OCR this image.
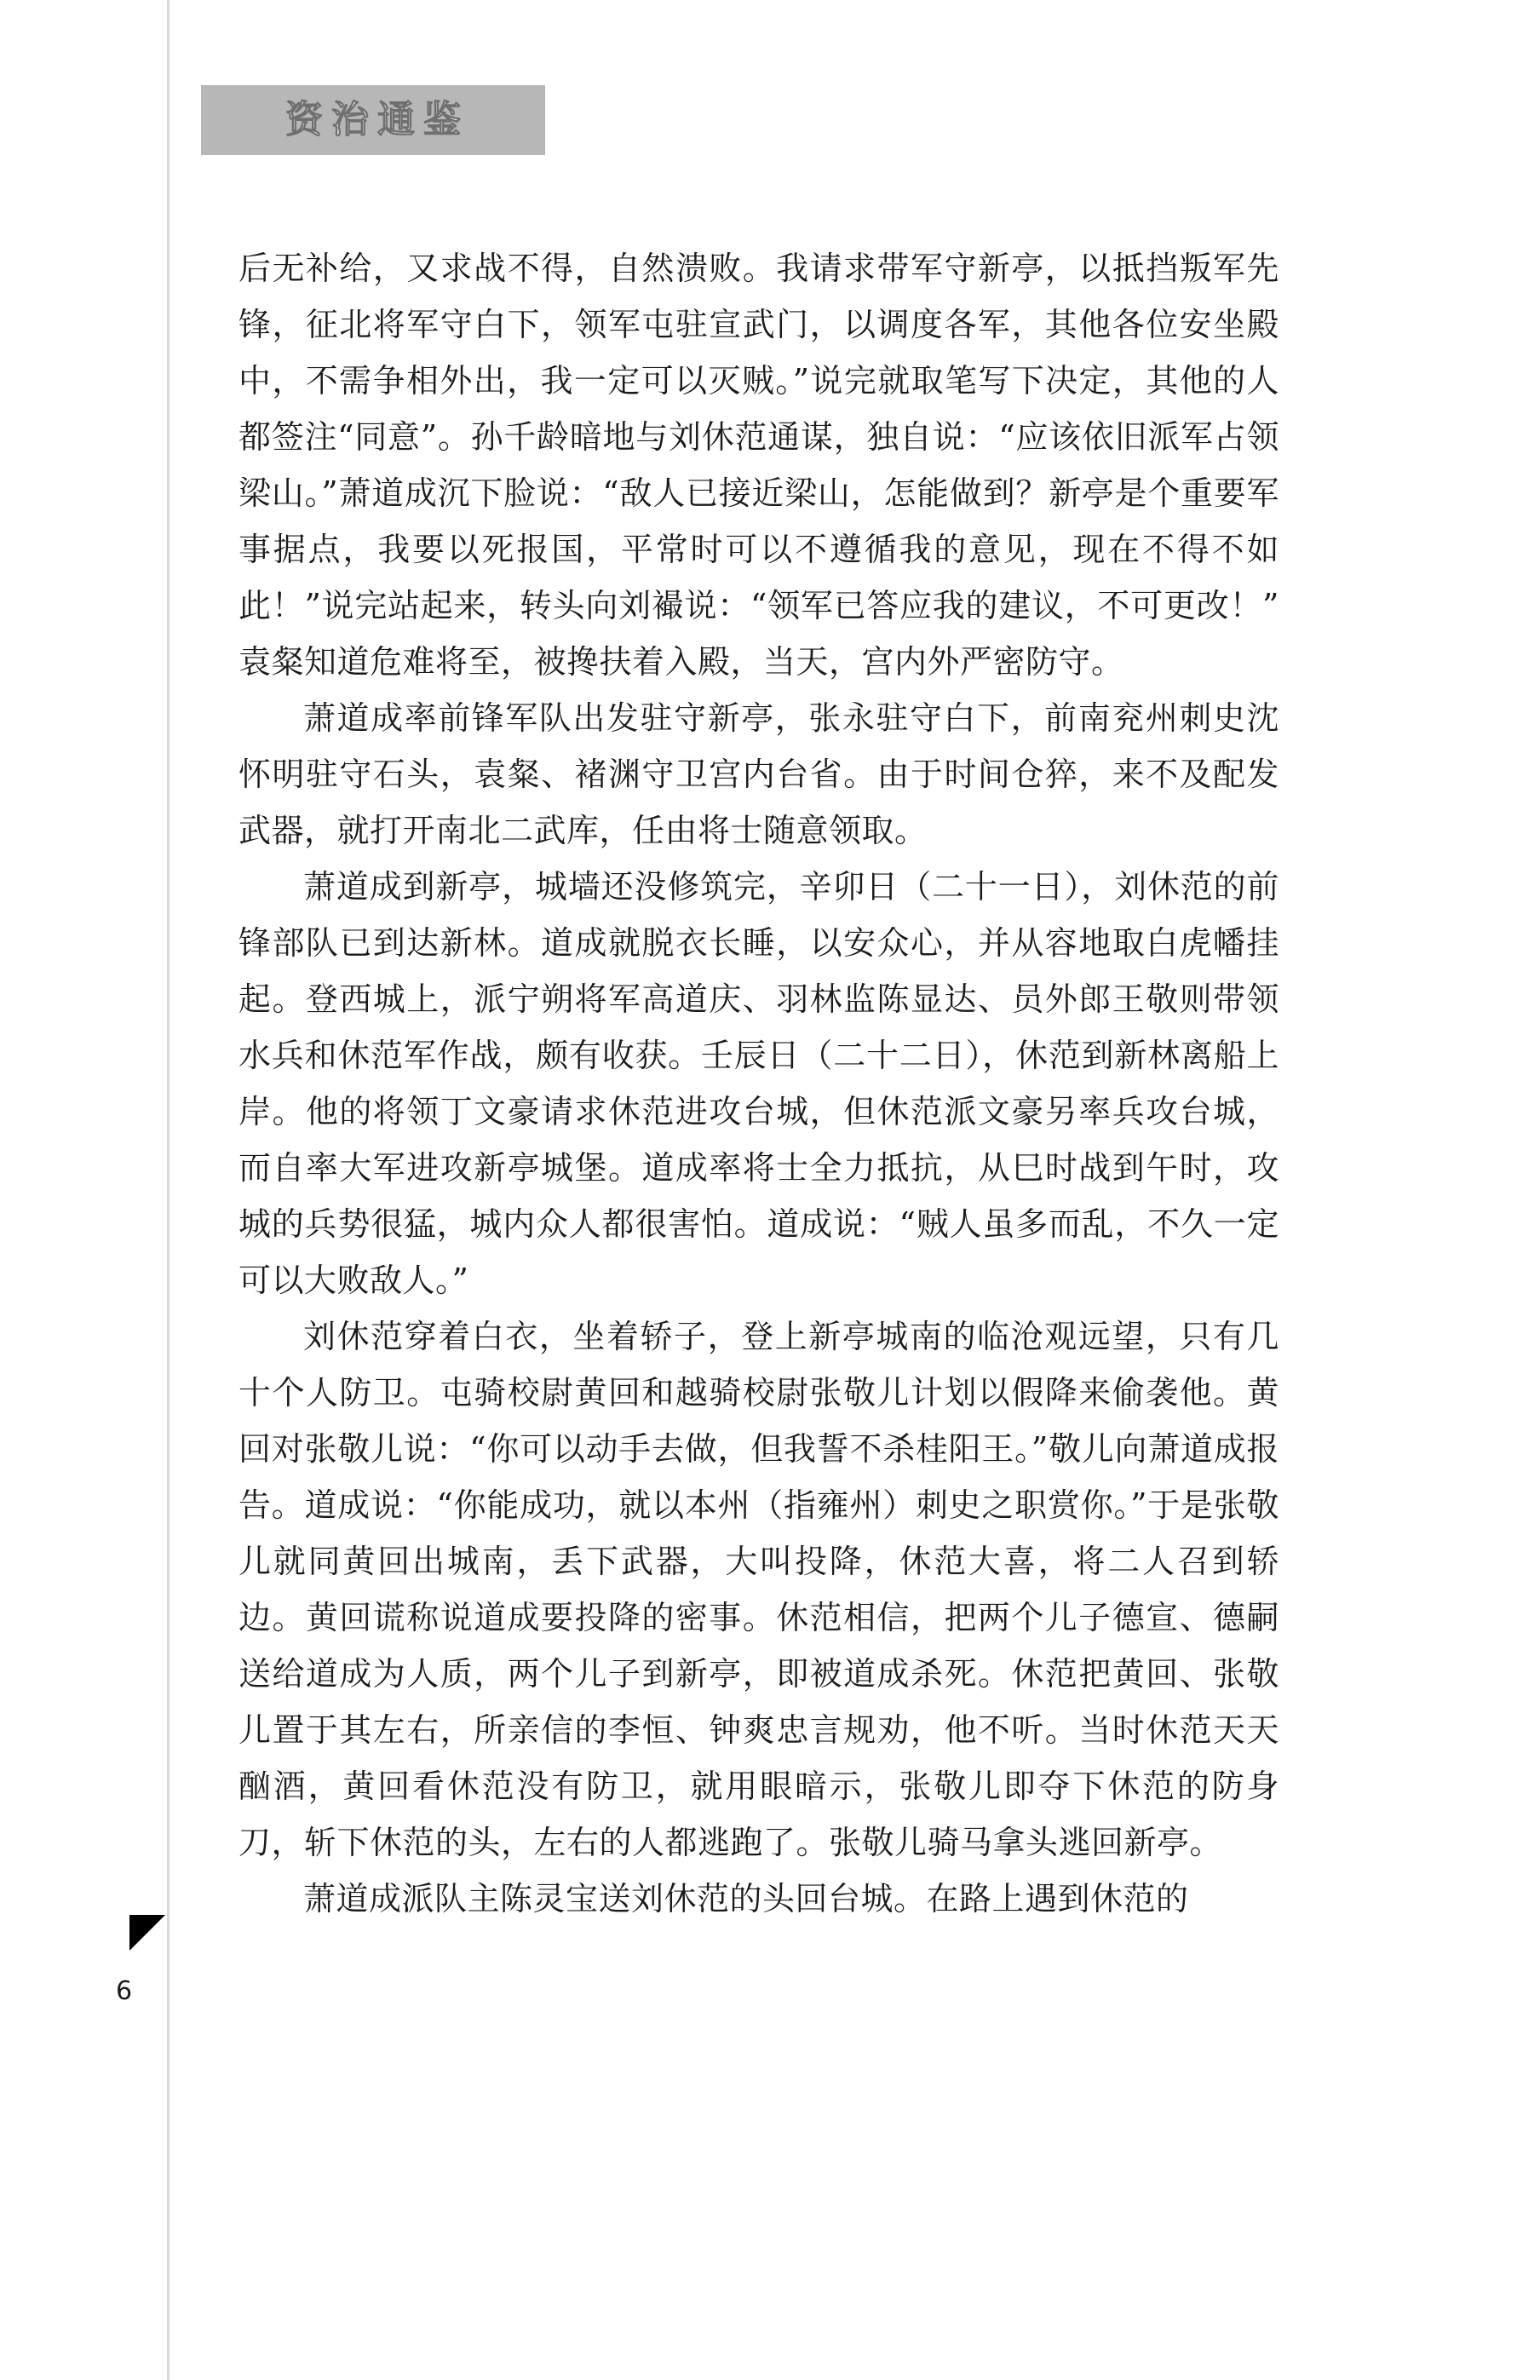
资治通鉴

后无补给，又求战不得，自然溃败。我请求带军守新亭，以抵挡叛军先锋，征北将军守白下，领军屯驻宣武门，以调度各军，其他各位安坐殿中，不需争相外出，我一定可以灭贼。”说完就取笔写下决定，其他的人都签注“同意”。孙千龄暗地与刘休范通谋，独自说：“应该依旧派军占领梁山。”萧道成沉下脸说：“敌人已接近梁山，怎能做到？新亭是个重要军事据点，我要以死报国，平常时可以不遵循我的意见，现在不得不如此！”说完站起来，转头向刘襊说：“领军已答应我的建议，不可更改！”袁粲知道危难将至，被搀扶着入殿，当天，宫内外严密防守。

萧道成率前锋军队出发驻守新亭，张永驻守白下，前南兖州刺史沈怀明驻守石头，袁粲、褚渊守卫宫内台省。由于时间仓猝，来不及配发武器，就打开南北二武库，任由将士随意领取。

萧道成到新亭，城墙还没修筑完，辛卯日（二十一日），刘休范的前锋部队已到达新林。道成就脱衣长睡，以安众心，并从容地取白虎幡挂起。登西城上，派宁朔将军高道庆、羽林监陈显达、员外郎王敬则带领水兵和休范军作战，颇有收获。壬辰日（二十二日），休范到新林离船上岸。他的将领丁文豪请求休范进攻台城，但休范派文豪另率兵攻台城，而自率大军进攻新亭城堡。道成率将士全力抵抗，从巳时战到午时，攻城的兵势很猛，城内众人都很害怕。道成说：“贼人虽多而乱，不久一定可以大败敌人。”

刘休范穿着白衣，坐着轿子，登上新亭城南的临沧观远望，只有几十个人防卫。屯骑校尉黄回和越骑校尉张敬儿计划以假降来偷袭他。黄回对张敬儿说：“你可以动手去做，但我誓不杀桂阳王。”敬儿向萧道成报告。道成说：“你能成功，就以本州（指雍州）刺史之职赏你。”于是张敬儿就同黄回出城南，丢下武器，大叫投降，休范大喜，将二人召到轿边。黄回谎称说道成要投降的密事。休范相信，把两个儿子德宣、德嗣送给道成为人质，两个儿子到新亭，即被道成杀死。休范把黄回、张敬儿置于其左右，所亲信的李恒、钟爽忠言规劝，他不听。当时休范天天酗酒，黄回看休范没有防卫，就用眼暗示，张敬儿即夺下休范的防身刀，斩下休范的头，左右的人都逃跑了。张敬儿骑马拿头逃回新亭。

萧道成派队主陈灵宝送刘休范的头回台城。在路上遇到休范的

6
